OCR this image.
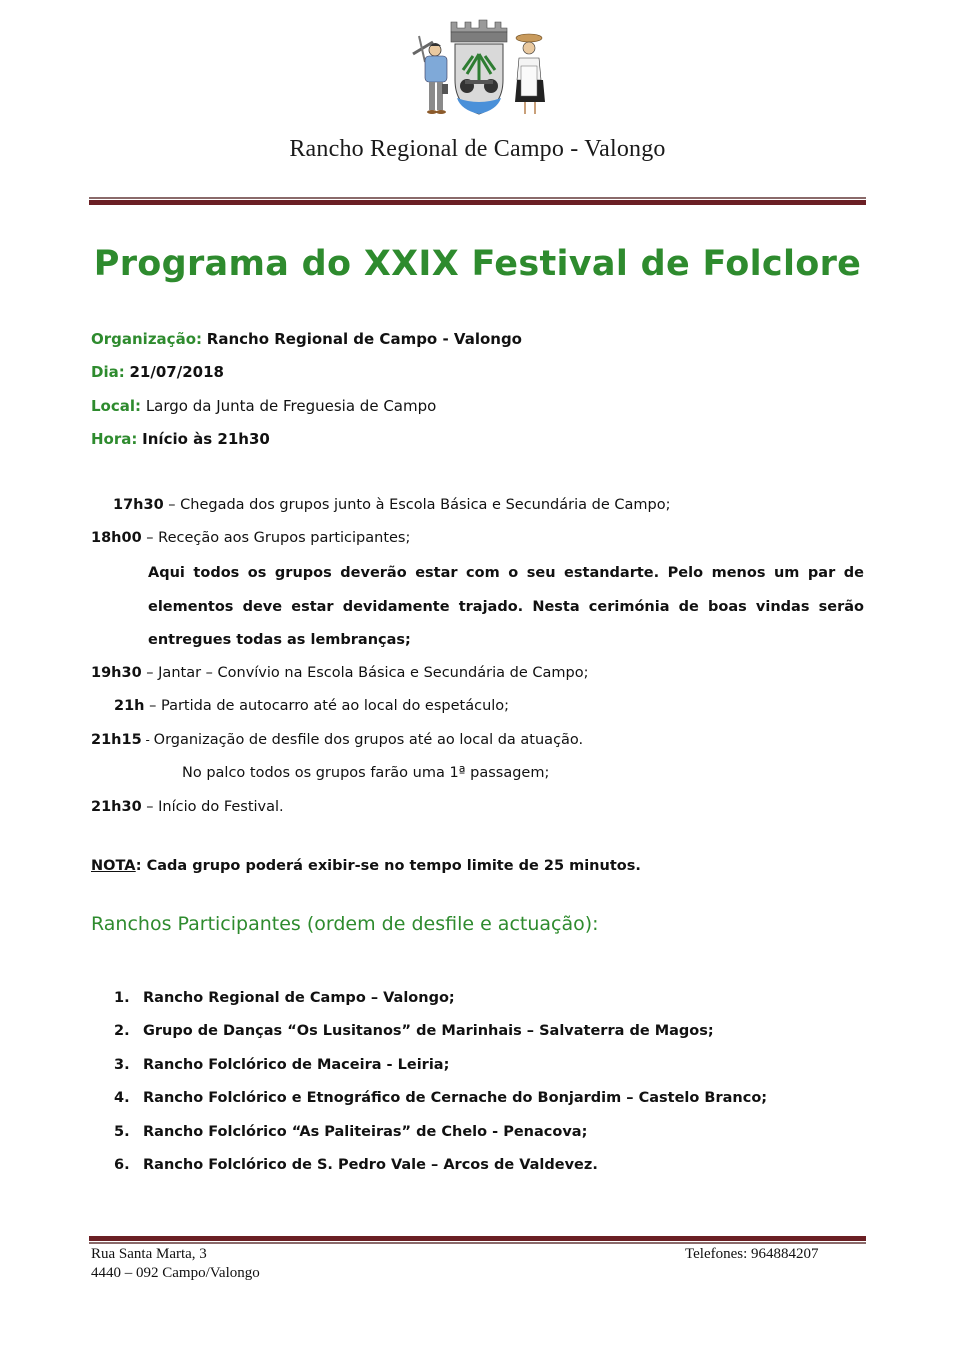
Rancho Regional de Campo - Valongo
Programa do XXIX Festival de Folclore
Organização: Rancho Regional de Campo - Valongo
Dia: 21/07/2018
Local: Largo da Junta de Freguesia de Campo
Hora: Início às 21h30
17h30 – Chegada dos grupos junto à Escola Básica e Secundária de Campo;
18h00 – Receção aos Grupos participantes;
Aqui todos os grupos deverão estar com o seu estandarte. Pelo menos um par de elementos deve estar devidamente trajado. Nesta cerimónia de boas vindas serão entregues todas as lembranças;
19h30 – Jantar – Convívio na Escola Básica e Secundária de Campo;
21h – Partida de autocarro até ao local do espetáculo;
21h15 - Organização de desfile dos grupos até ao local da atuação.
No palco todos os grupos farão uma 1ª passagem;
21h30 – Início do Festival.
NOTA: Cada grupo poderá exibir-se no tempo limite de 25 minutos.
Ranchos Participantes (ordem de desfile e actuação):
1. Rancho Regional de Campo – Valongo;
2. Grupo de Danças “Os Lusitanos” de Marinhais – Salvaterra de Magos;
3. Rancho Folclórico de Maceira - Leiria;
4. Rancho Folclórico e Etnográfico de Cernache do Bonjardim – Castelo Branco;
5. Rancho Folclórico “As Paliteiras” de Chelo - Penacova;
6. Rancho Folclórico de S. Pedro Vale – Arcos de Valdevez.
Rua Santa Marta, 3
4440 – 092 Campo/Valongo
Telefones: 964884207
